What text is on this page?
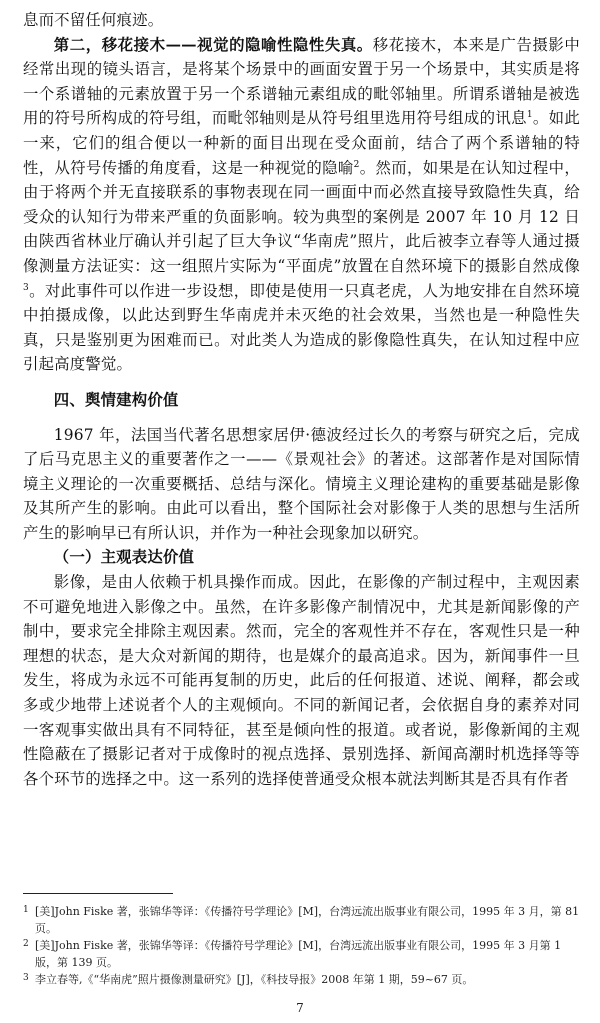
息而不留任何痕迹。

第二，移花接木——视觉的隐喻性隐性失真。移花接木，本来是广告摄影中经常出现的镜头语言，是将某个场景中的画面安置于另一个场景中，其实质是将一个系谱轴的元素放置于另一个系谱轴元素组成的毗邻轴里。所谓系谱轴是被选用的符号所构成的符号组，而毗邻轴则是从符号组里选用符号组成的讯息$^1$。如此一来，它们的组合便以一种新的面目出现在受众面前，结合了两个系谱轴的特性，从符号传播的角度看，这是一种视觉的隐喻$^2$。然而，如果是在认知过程中，由于将两个并无直接联系的事物表现在同一画面中而必然直接导致隐性失真，给受众的认知行为带来严重的负面影响。较为典型的案例是 2007 年 10 月 12 日由陕西省林业厅确认并引起了巨大争议“华南虎”照片，此后被李立春等人通过摄像测量方法证实：这一组照片实际为“平面虎”放置在自然环境下的摄影自然成像$^3$。对此事件可以作进一步设想，即使是使用一只真老虎，人为地安排在自然环境中拍摄成像，以此达到野生华南虎并未灭绝的社会效果，当然也是一种隐性失真，只是鉴别更为困难而已。对此类人为造成的影像隐性真失，在认知过程中应引起高度警觉。

四、舆情建构价值

1967 年，法国当代著名思想家居伊·德波经过长久的考察与研究之后，完成了后马克思主义的重要著作之一——《景观社会》的著述。这部著作是对国际情境主义理论的一次重要概括、总结与深化。情境主义理论建构的重要基础是影像及其所产生的影响。由此可以看出，整个国际社会对影像于人类的思想与生活所产生的影响早已有所认识，并作为一种社会现象加以研究。

（一）主观表达价值

影像，是由人依赖于机具操作而成。因此，在影像的产制过程中，主观因素不可避免地进入影像之中。虽然，在许多影像产制情况中，尤其是新闻影像的产制中，要求完全排除主观因素。然而，完全的客观性并不存在，客观性只是一种理想的状态，是大众对新闻的期待，也是媒介的最高追求。因为，新闻事件一旦发生，将成为永远不可能再复制的历史，此后的任何报道、述说、阐释，都会或多或少地带上述说者个人的主观倾向。不同的新闻记者，会依据自身的素养对同一客观事实做出具有不同特征，甚至是倾向性的报道。或者说，影像新闻的主观性隐蔽在了摄影记者对于成像时的视点选择、景别选择、新闻高潮时机选择等等各个环节的选择之中。这一系列的选择使普通受众根本就法判断其是否具有作者

1 [美]John Fiske 著，张锦华等译：《传播符号学理论》[M]，台湾远流出版事业有限公司，1995 年 3 月，第 81 页。
2 [美]John Fiske 著，张锦华等译：《传播符号学理论》[M]，台湾远流出版事业有限公司，1995 年 3 月第 1 版，第 139 页。
3 李立春等,《“华南虎”照片摄像测量研究》[J]，《科技导报》2008 年第 1 期，59~67 页。
7
